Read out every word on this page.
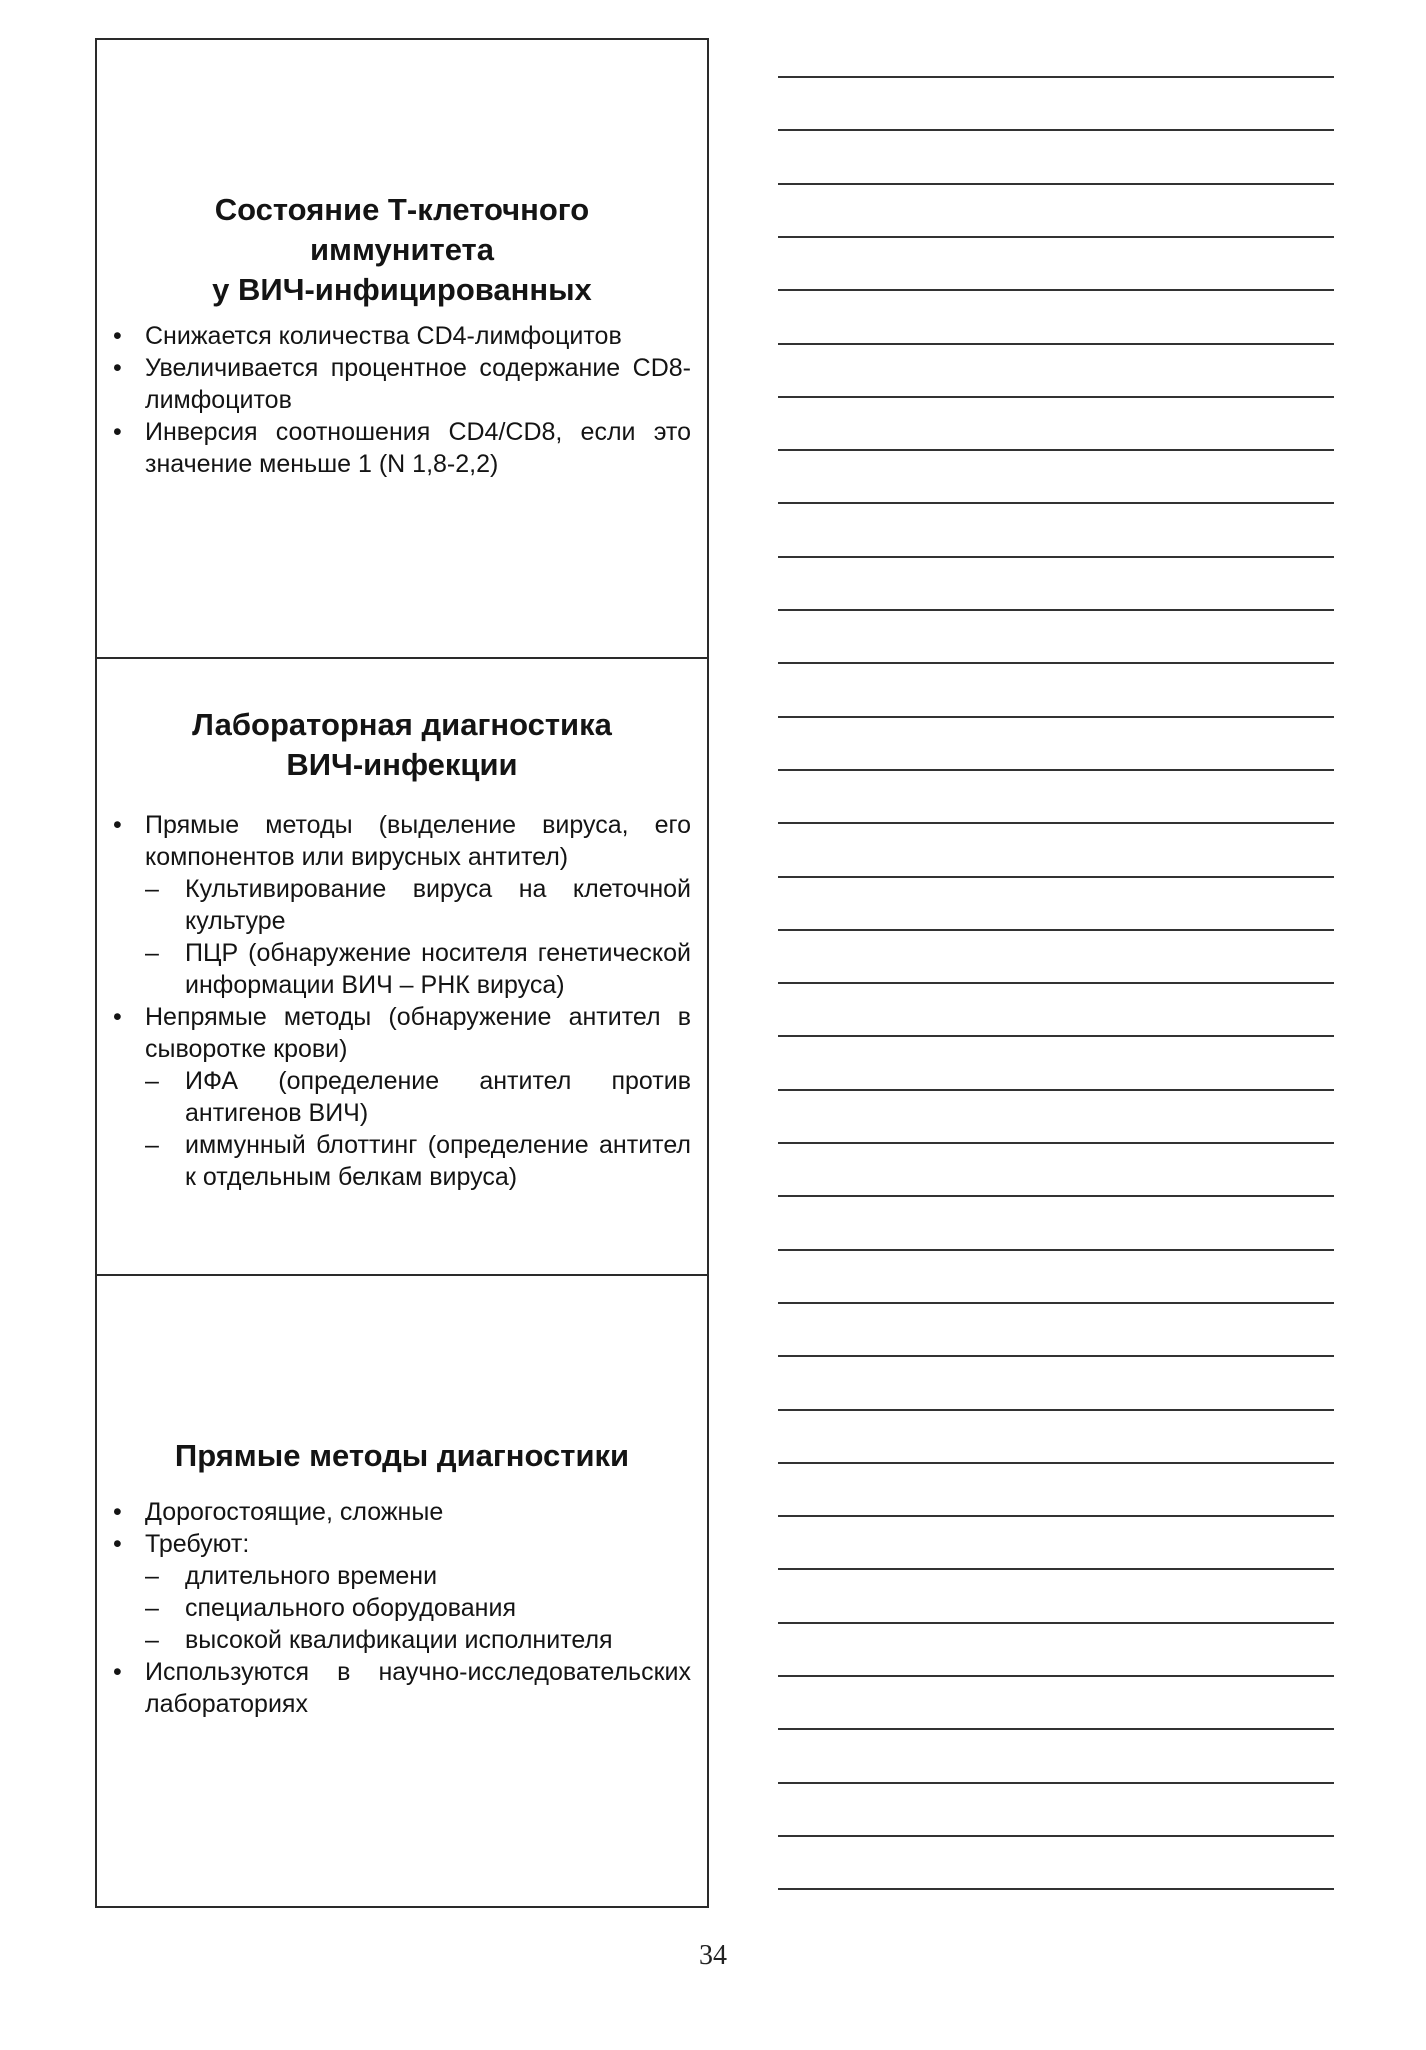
Состояние Т-клеточного
иммунитета
у ВИЧ-инфицированных
• Снижается количества CD4-лимфоцитов
• Увеличивается процентное содержание CD8-лимфоцитов
• Инверсия соотношения CD4/CD8, если это значение меньше 1 (N 1,8-2,2)
Лабораторная диагностика
ВИЧ-инфекции
• Прямые методы (выделение вируса, его компонентов или вирусных антител)
– Культивирование вируса на клеточной культуре
– ПЦР (обнаружение носителя генетической информации ВИЧ – РНК вируса)
• Непрямые методы (обнаружение антител в сыворотке крови)
– ИФА (определение антител против антигенов ВИЧ)
– иммунный блоттинг (определение антител к отдельным белкам вируса)
Прямые методы диагностики
• Дорогостоящие, сложные
• Требуют:
– длительного времени
– специального оборудования
– высокой квалификации исполнителя
• Используются в научно-исследовательских лабораториях
34
